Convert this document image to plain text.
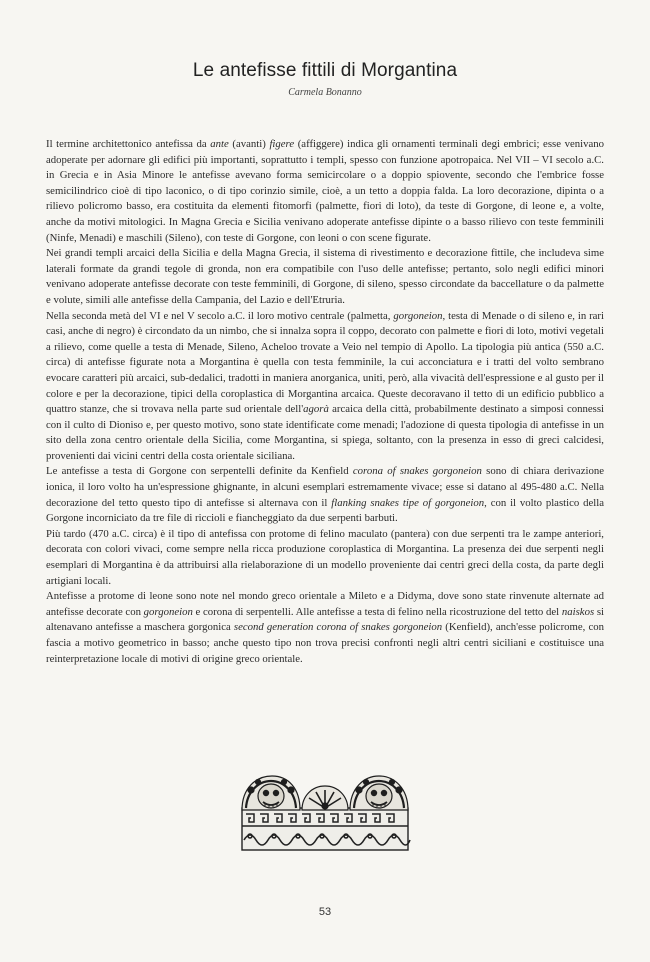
Le antefisse fittili di Morgantina
Carmela Bonanno

Il termine architettonico antefissa da ante (avanti) figere (affiggere) indica gli ornamenti terminali degi embrici; esse venivano adoperate per adornare gli edifici più importanti, soprattutto i templi, spesso con funzione apotropaica. Nel VII – VI secolo a.C. in Grecia e in Asia Minore le antefisse avevano forma semicircolare o a doppio spiovente, secondo che l'embrice fosse semicilindrico cioè di tipo laconico, o di tipo corinzio simile, cioè, a un tetto a doppia falda. La loro decorazione, dipinta o a rilievo policromo basso, era costituita da elementi fitomorfi (palmette, fiori di loto), da teste di Gorgone, di leone e, a volte, anche da motivi mitologici. In Magna Grecia e Sicilia venivano adoperate antefisse dipinte o a basso rilievo con teste femminili (Ninfe, Menadi) e maschili (Sileno), con teste di Gorgone, con leoni o con scene figurate.

Nei grandi templi arcaici della Sicilia e della Magna Grecia, il sistema di rivestimento e decorazione fittile, che includeva sime laterali formate da grandi tegole di gronda, non era compatibile con l'uso delle antefisse; pertanto, solo negli edifici minori venivano adoperate antefisse decorate con teste femminili, di Gorgone, di sileno, spesso circondate da baccellature o da palmette e volute, simili alle antefisse della Campania, del Lazio e dell'Etruria.

Nella seconda metà del VI e nel V secolo a.C. il loro motivo centrale (palmetta, gorgoneion, testa di Menade o di sileno e, in rari casi, anche di negro) è circondato da un nimbo, che si innalza sopra il coppo, decorato con palmette e fiori di loto, motivi vegetali a rilievo, come quelle a testa di Menade, Sileno, Acheloo trovate a Veio nel tempio di Apollo. La tipologia più antica (550 a.C. circa) di antefisse figurate nota a Morgantina è quella con testa femminile, la cui acconciatura e i tratti del volto sembrano evocare caratteri più arcaici, sub-dedalici, tradotti in maniera anorganica, uniti, però, alla vivacità dell'espressione e al gusto per il colore e per la decorazione, tipici della coroplastica di Morgantina arcaica. Queste decoravano il tetto di un edificio pubblico a quattro stanze, che si trovava nella parte sud orientale dell'agorà arcaica della città, probabilmente destinato a simposi connessi con il culto di Dioniso e, per questo motivo, sono state identificate come menadi; l'adozione di questa tipologia di antefisse in un sito della zona centro orientale della Sicilia, come Morgantina, si spiega, soltanto, con la presenza in esso di greci calcidesi, provenienti dai vicini centri della costa orientale siciliana.

Le antefisse a testa di Gorgone con serpentelli definite da Kenfield corona of snakes gorgoneion sono di chiara derivazione ionica, il loro volto ha un'espressione ghignante, in alcuni esemplari estremamente vivace; esse si datano al 495-480 a.C. Nella decorazione del tetto questo tipo di antefisse si alternava con il flanking snakes tipe of gorgoneion, con il volto plastico della Gorgone incorniciato da tre file di riccioli e fiancheggiato da due serpenti barbuti.

Più tardo (470 a.C. circa) è il tipo di antefissa con protome di felino maculato (pantera) con due serpenti tra le zampe anteriori, decorata con colori vivaci, come sempre nella ricca produzione coroplastica di Morgantina. La presenza dei due serpenti negli esemplari di Morgantina è da attribuirsi alla rielaborazione di un modello proveniente dai centri greci della costa, da parte degli artigiani locali.

Antefisse a protome di leone sono note nel mondo greco orientale a Mileto e a Didyma, dove sono state rinvenute alternate ad antefisse decorate con gorgoneion e corona di serpentelli. Alle antefisse a testa di felino nella ricostruzione del tetto del naiskos si altenavano antefisse a maschera gorgonica second generation corona of snakes gorgoneion (Kenfield), anch'esse policrome, con fascia a motivo geometrico in basso; anche questo tipo non trova precisi confronti negli altri centri siciliani e costituisce una reinterpretazione locale di motivi di origine greco orientale.

53
